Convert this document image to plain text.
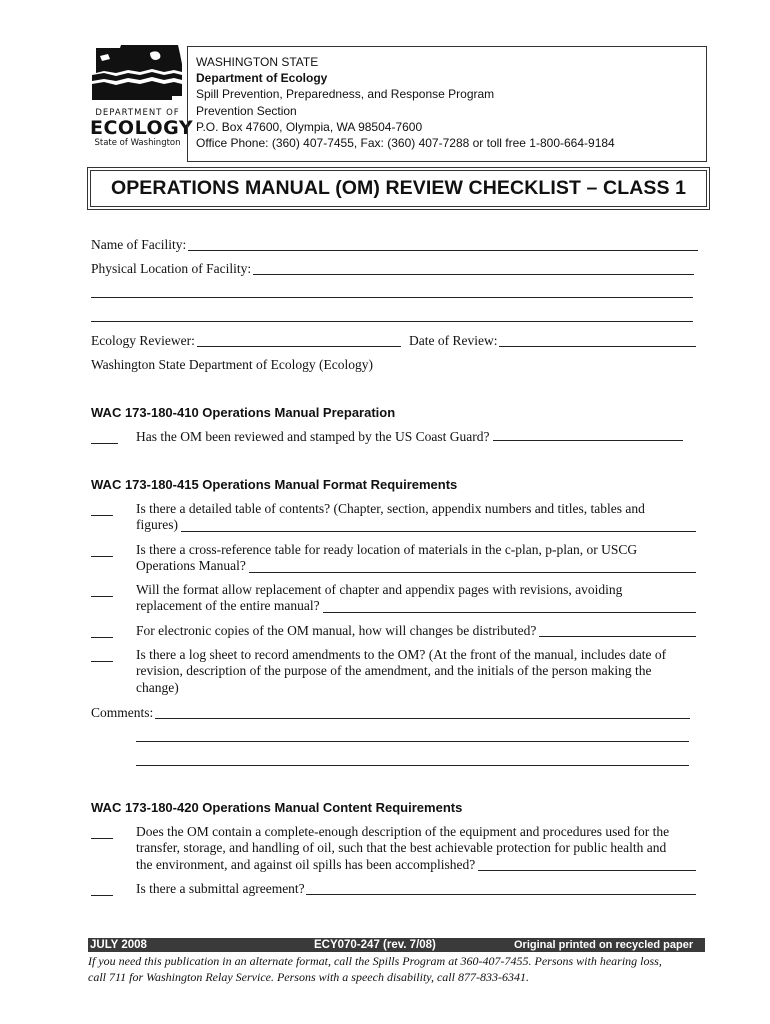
DEPARTMENT OF
ECOLOGY
State of Washington
WASHINGTON STATE
Department of Ecology
Spill Prevention, Preparedness, and Response Program
Prevention Section
P.O. Box 47600, Olympia, WA 98504-7600
Office Phone: (360) 407-7455, Fax: (360) 407-7288 or toll free 1-800-664-9184
OPERATIONS MANUAL (OM) REVIEW CHECKLIST – CLASS 1
Name of Facility:
Physical Location of Facility:
Ecology Reviewer:	Date of Review:
Washington State Department of Ecology (Ecology)
WAC 173-180-410 Operations Manual Preparation
Has the OM been reviewed and stamped by the US Coast Guard?
WAC 173-180-415 Operations Manual Format Requirements
Is there a detailed table of contents? (Chapter, section, appendix numbers and titles, tables and
figures)
Is there a cross-reference table for ready location of materials in the c-plan, p-plan, or USCG
Operations Manual?
Will the format allow replacement of chapter and appendix pages with revisions, avoiding
replacement of the entire manual?
For electronic copies of the OM manual, how will changes be distributed?
Is there a log sheet to record amendments to the OM? (At the front of the manual, includes date of
revision, description of the purpose of the amendment, and the initials of the person making the
change)
Comments:
WAC 173-180-420 Operations Manual Content Requirements
Does the OM contain a complete-enough description of the equipment and procedures used for the
transfer, storage, and handling of oil, such that the best achievable protection for public health and
the environment, and against oil spills has been accomplished?
Is there a submittal agreement?
JULY 2008	ECY070-247 (rev. 7/08)	Original printed on recycled paper
If you need this publication in an alternate format, call the Spills Program at 360-407-7455. Persons with hearing loss,
call 711 for Washington Relay Service. Persons with a speech disability, call 877-833-6341.
